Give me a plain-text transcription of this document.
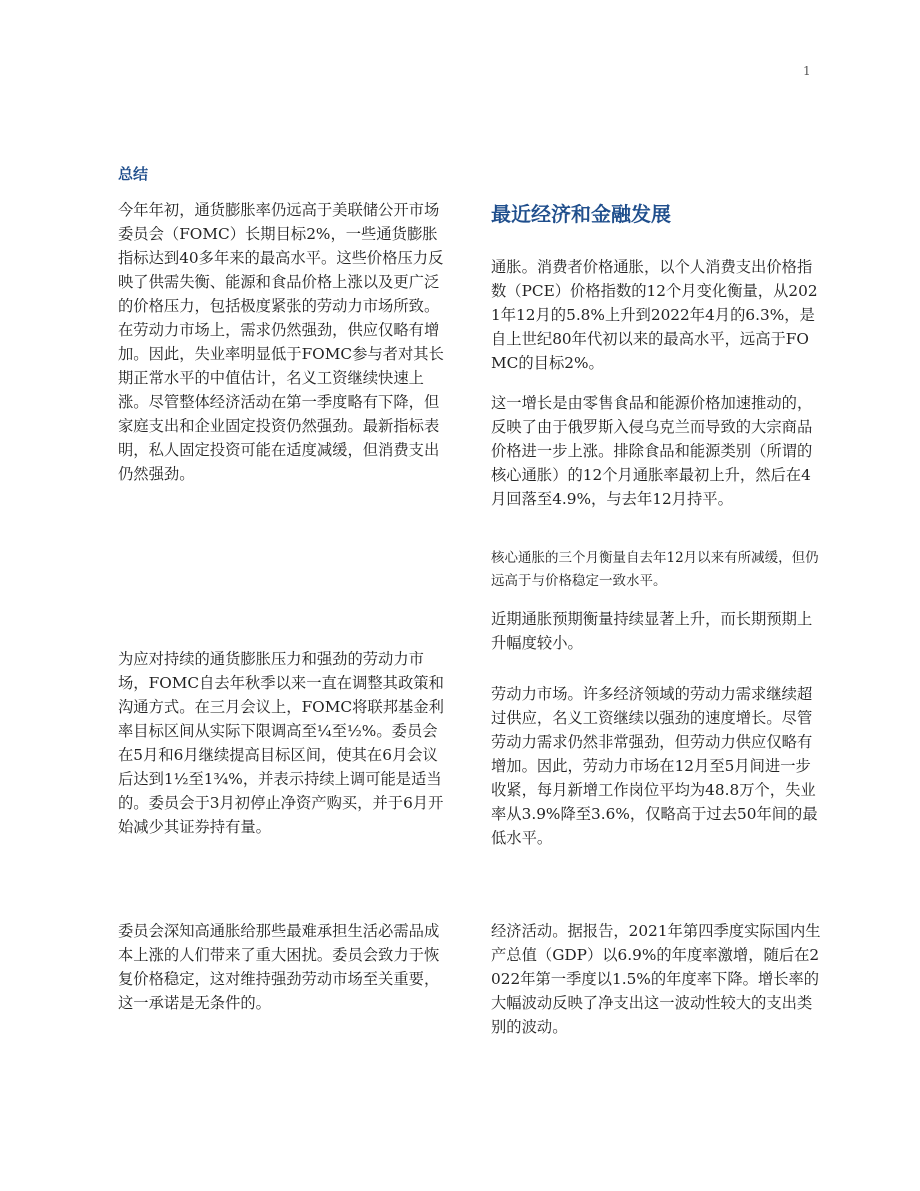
1
总结

今年年初，通货膨胀率仍远高于美联储公开市场委员会（FOMC）长期目标2%，一些通货膨胀指标达到40多年来的最高水平。这些价格压力反映了供需失衡、能源和食品价格上涨以及更广泛的价格压力，包括极度紧张的劳动力市场所致。在劳动力市场上，需求仍然强劲，供应仅略有增加。因此，失业率明显低于FOMC参与者对其长期正常水平的中值估计，名义工资继续快速上涨。尽管整体经济活动在第一季度略有下降，但家庭支出和企业固定投资仍然强劲。最新指标表明，私人固定投资可能在适度减缓，但消费支出仍然强劲。

为应对持续的通货膨胀压力和强劲的劳动力市场，FOMC自去年秋季以来一直在调整其政策和沟通方式。在三月会议上，FOMC将联邦基金利率目标区间从实际下限调高至¼至½%。委员会在5月和6月继续提高目标区间，使其在6月会议后达到1½至1¾%，并表示持续上调可能是适当的。委员会于3月初停止净资产购买，并于6月开始减少其证券持有量。

委员会深知高通胀给那些最难承担生活必需品成本上涨的人们带来了重大困扰。委员会致力于恢复价格稳定，这对维持强劲劳动市场至关重要，这一承诺是无条件的。

最近经济和金融发展

通胀。消费者价格通胀，以个人消费支出价格指数（PCE）价格指数的12个月变化衡量，从2021年12月的5.8%上升到2022年4月的6.3%，是自上世纪80年代初以来的最高水平，远高于FOMC的目标2%。

这一增长是由零售食品和能源价格加速推动的，反映了由于俄罗斯入侵乌克兰而导致的大宗商品价格进一步上涨。排除食品和能源类别（所谓的核心通胀）的12个月通胀率最初上升，然后在4月回落至4.9%，与去年12月持平。

核心通胀的三个月衡量自去年12月以来有所减缓，但仍远高于与价格稳定一致水平。

近期通胀预期衡量持续显著上升，而长期预期上升幅度较小。

劳动力市场。许多经济领域的劳动力需求继续超过供应，名义工资继续以强劲的速度增长。尽管劳动力需求仍然非常强劲，但劳动力供应仅略有增加。因此，劳动力市场在12月至5月间进一步收紧，每月新增工作岗位平均为48.8万个，失业率从3.9%降至3.6%，仅略高于过去50年间的最低水平。

经济活动。据报告，2021年第四季度实际国内生产总值（GDP）以6.9%的年度率激增，随后在2022年第一季度以1.5%的年度率下降。增长率的大幅波动反映了净支出这一波动性较大的支出类别的波动。
